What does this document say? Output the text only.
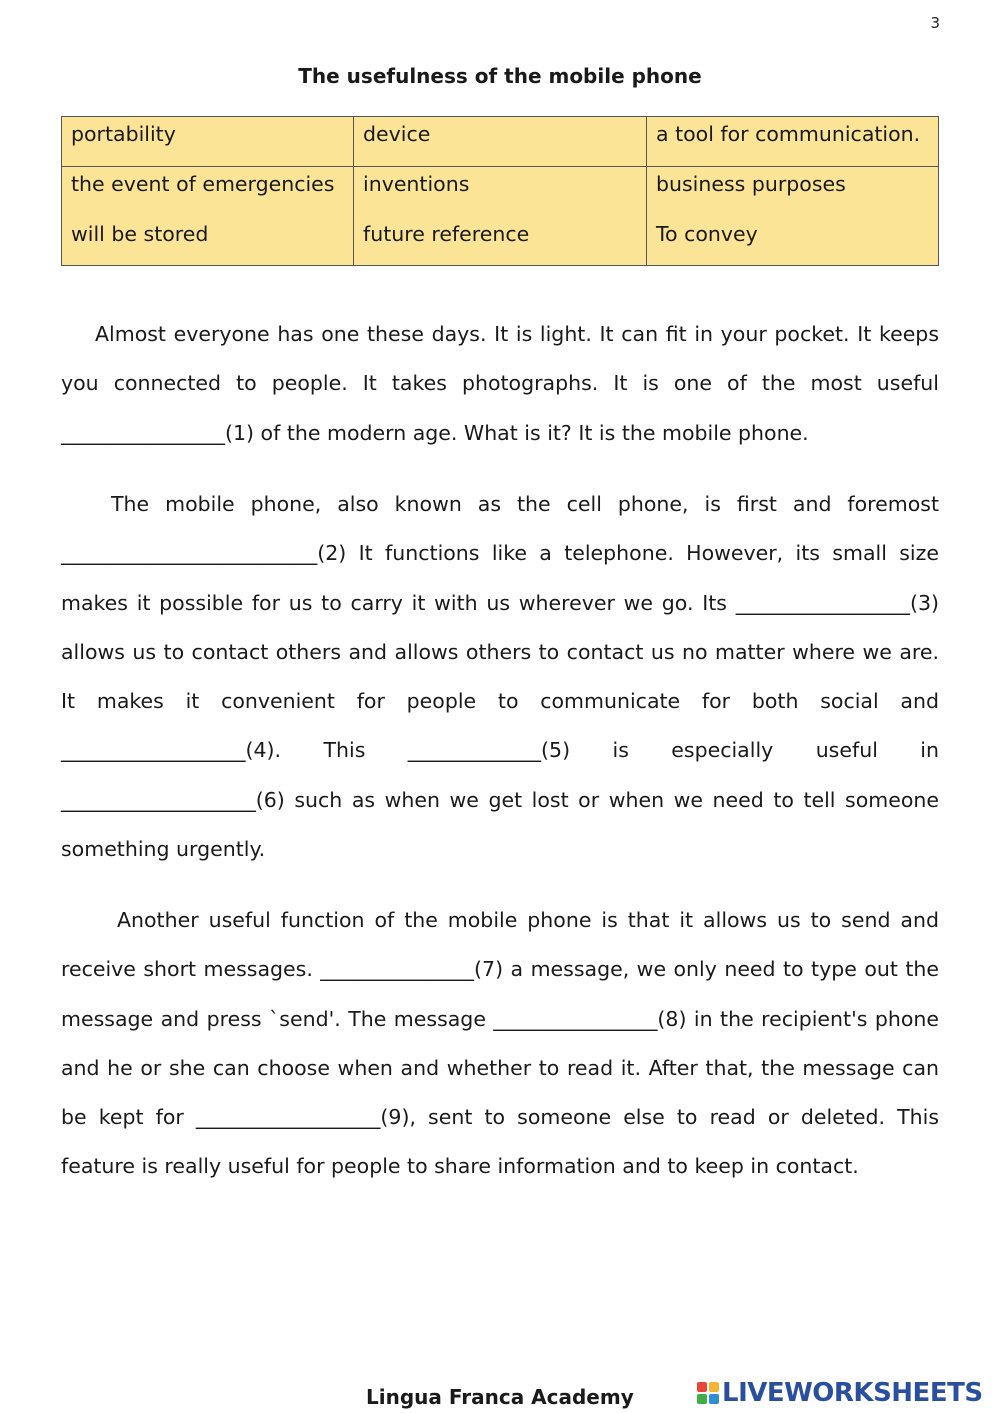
3
The usefulness of the mobile phone
portability	device	a tool for communication.
the event of emergencies	inventions	business purposes
will be stored	future reference	To convey

Almost everyone has one these days. It is light. It can fit in your pocket. It keeps you connected to people. It takes photographs. It is one of the most useful ________________(1) of the modern age. What is it? It is the mobile phone.

The mobile phone, also known as the cell phone, is first and foremost _________________________(2) It functions like a telephone. However, its small size makes it possible for us to carry it with us wherever we go. Its _________________(3) allows us to contact others and allows others to contact us no matter where we are. It makes it convenient for people to communicate for both social and __________________(4). This _____________(5) is especially useful in ___________________(6) such as when we get lost or when we need to tell someone something urgently.

Another useful function of the mobile phone is that it allows us to send and receive short messages. _______________(7) a message, we only need to type out the message and press `send'. The message ________________(8) in the recipient's phone and he or she can choose when and whether to read it. After that, the message can be kept for __________________(9), sent to someone else to read or deleted. This feature is really useful for people to share information and to keep in contact.

Lingua Franca Academy	LIVEWORKSHEETS
